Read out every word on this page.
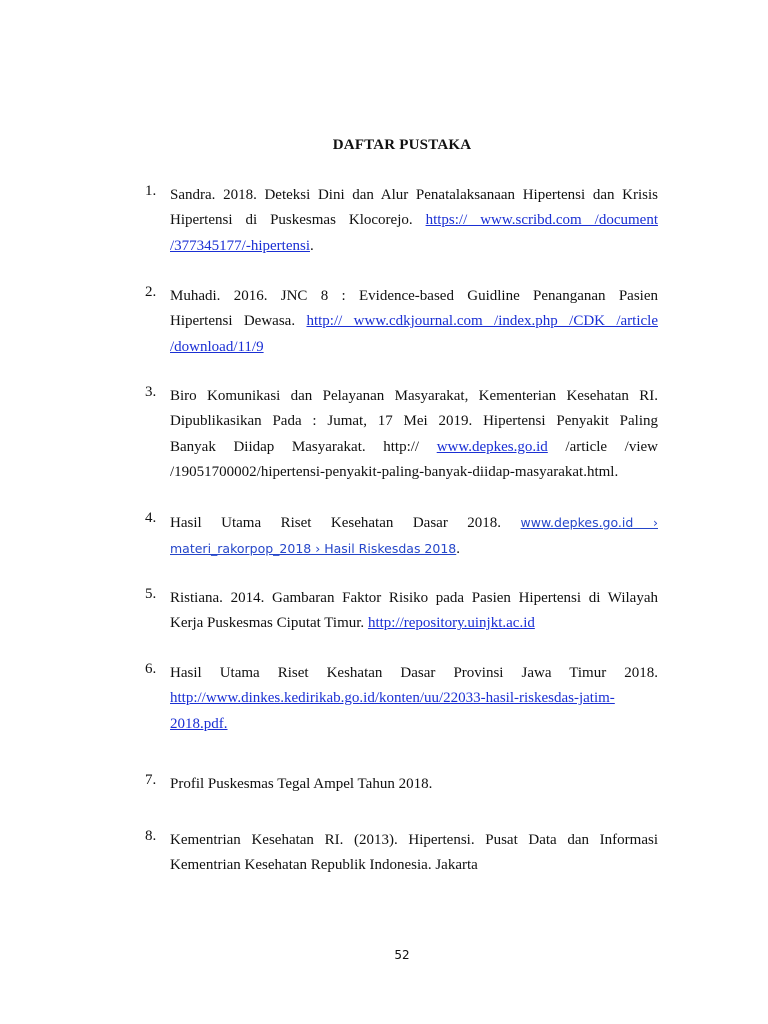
DAFTAR PUSTAKA
1. Sandra. 2018. Deteksi Dini dan Alur Penatalaksanaan Hipertensi dan Krisis
Hipertensi di Puskesmas Klocorejo. https:// www.scribd.com /document
/377345177/-hipertensi.
2. Muhadi. 2016. JNC 8 : Evidence-based Guidline Penanganan Pasien
Hipertensi Dewasa. http:// www.cdkjournal.com /index.php /CDK /article
/download/11/9
3. Biro Komunikasi dan Pelayanan Masyarakat, Kementerian Kesehatan RI.
Dipublikasikan Pada : Jumat, 17 Mei 2019. Hipertensi Penyakit Paling
Banyak Diidap Masyarakat. http:// www.depkes.go.id /article /view
/19051700002/hipertensi-penyakit-paling-banyak-diidap-masyarakat.html.
4. Hasil Utama Riset Kesehatan Dasar 2018. www.depkes.go.id ›
materi_rakorpop_2018 › Hasil Riskesdas 2018.
5. Ristiana. 2014. Gambaran Faktor Risiko pada Pasien Hipertensi di Wilayah
Kerja Puskesmas Ciputat Timur. http://repository.uinjkt.ac.id
6. Hasil Utama Riset Keshatan Dasar Provinsi Jawa Timur 2018.
http://www.dinkes.kedirikab.go.id/konten/uu/22033-hasil-riskesdas-jatim-
2018.pdf.
7. Profil Puskesmas Tegal Ampel Tahun 2018.
8. Kementrian Kesehatan RI. (2013). Hipertensi. Pusat Data dan Informasi
Kementrian Kesehatan Republik Indonesia. Jakarta
52
